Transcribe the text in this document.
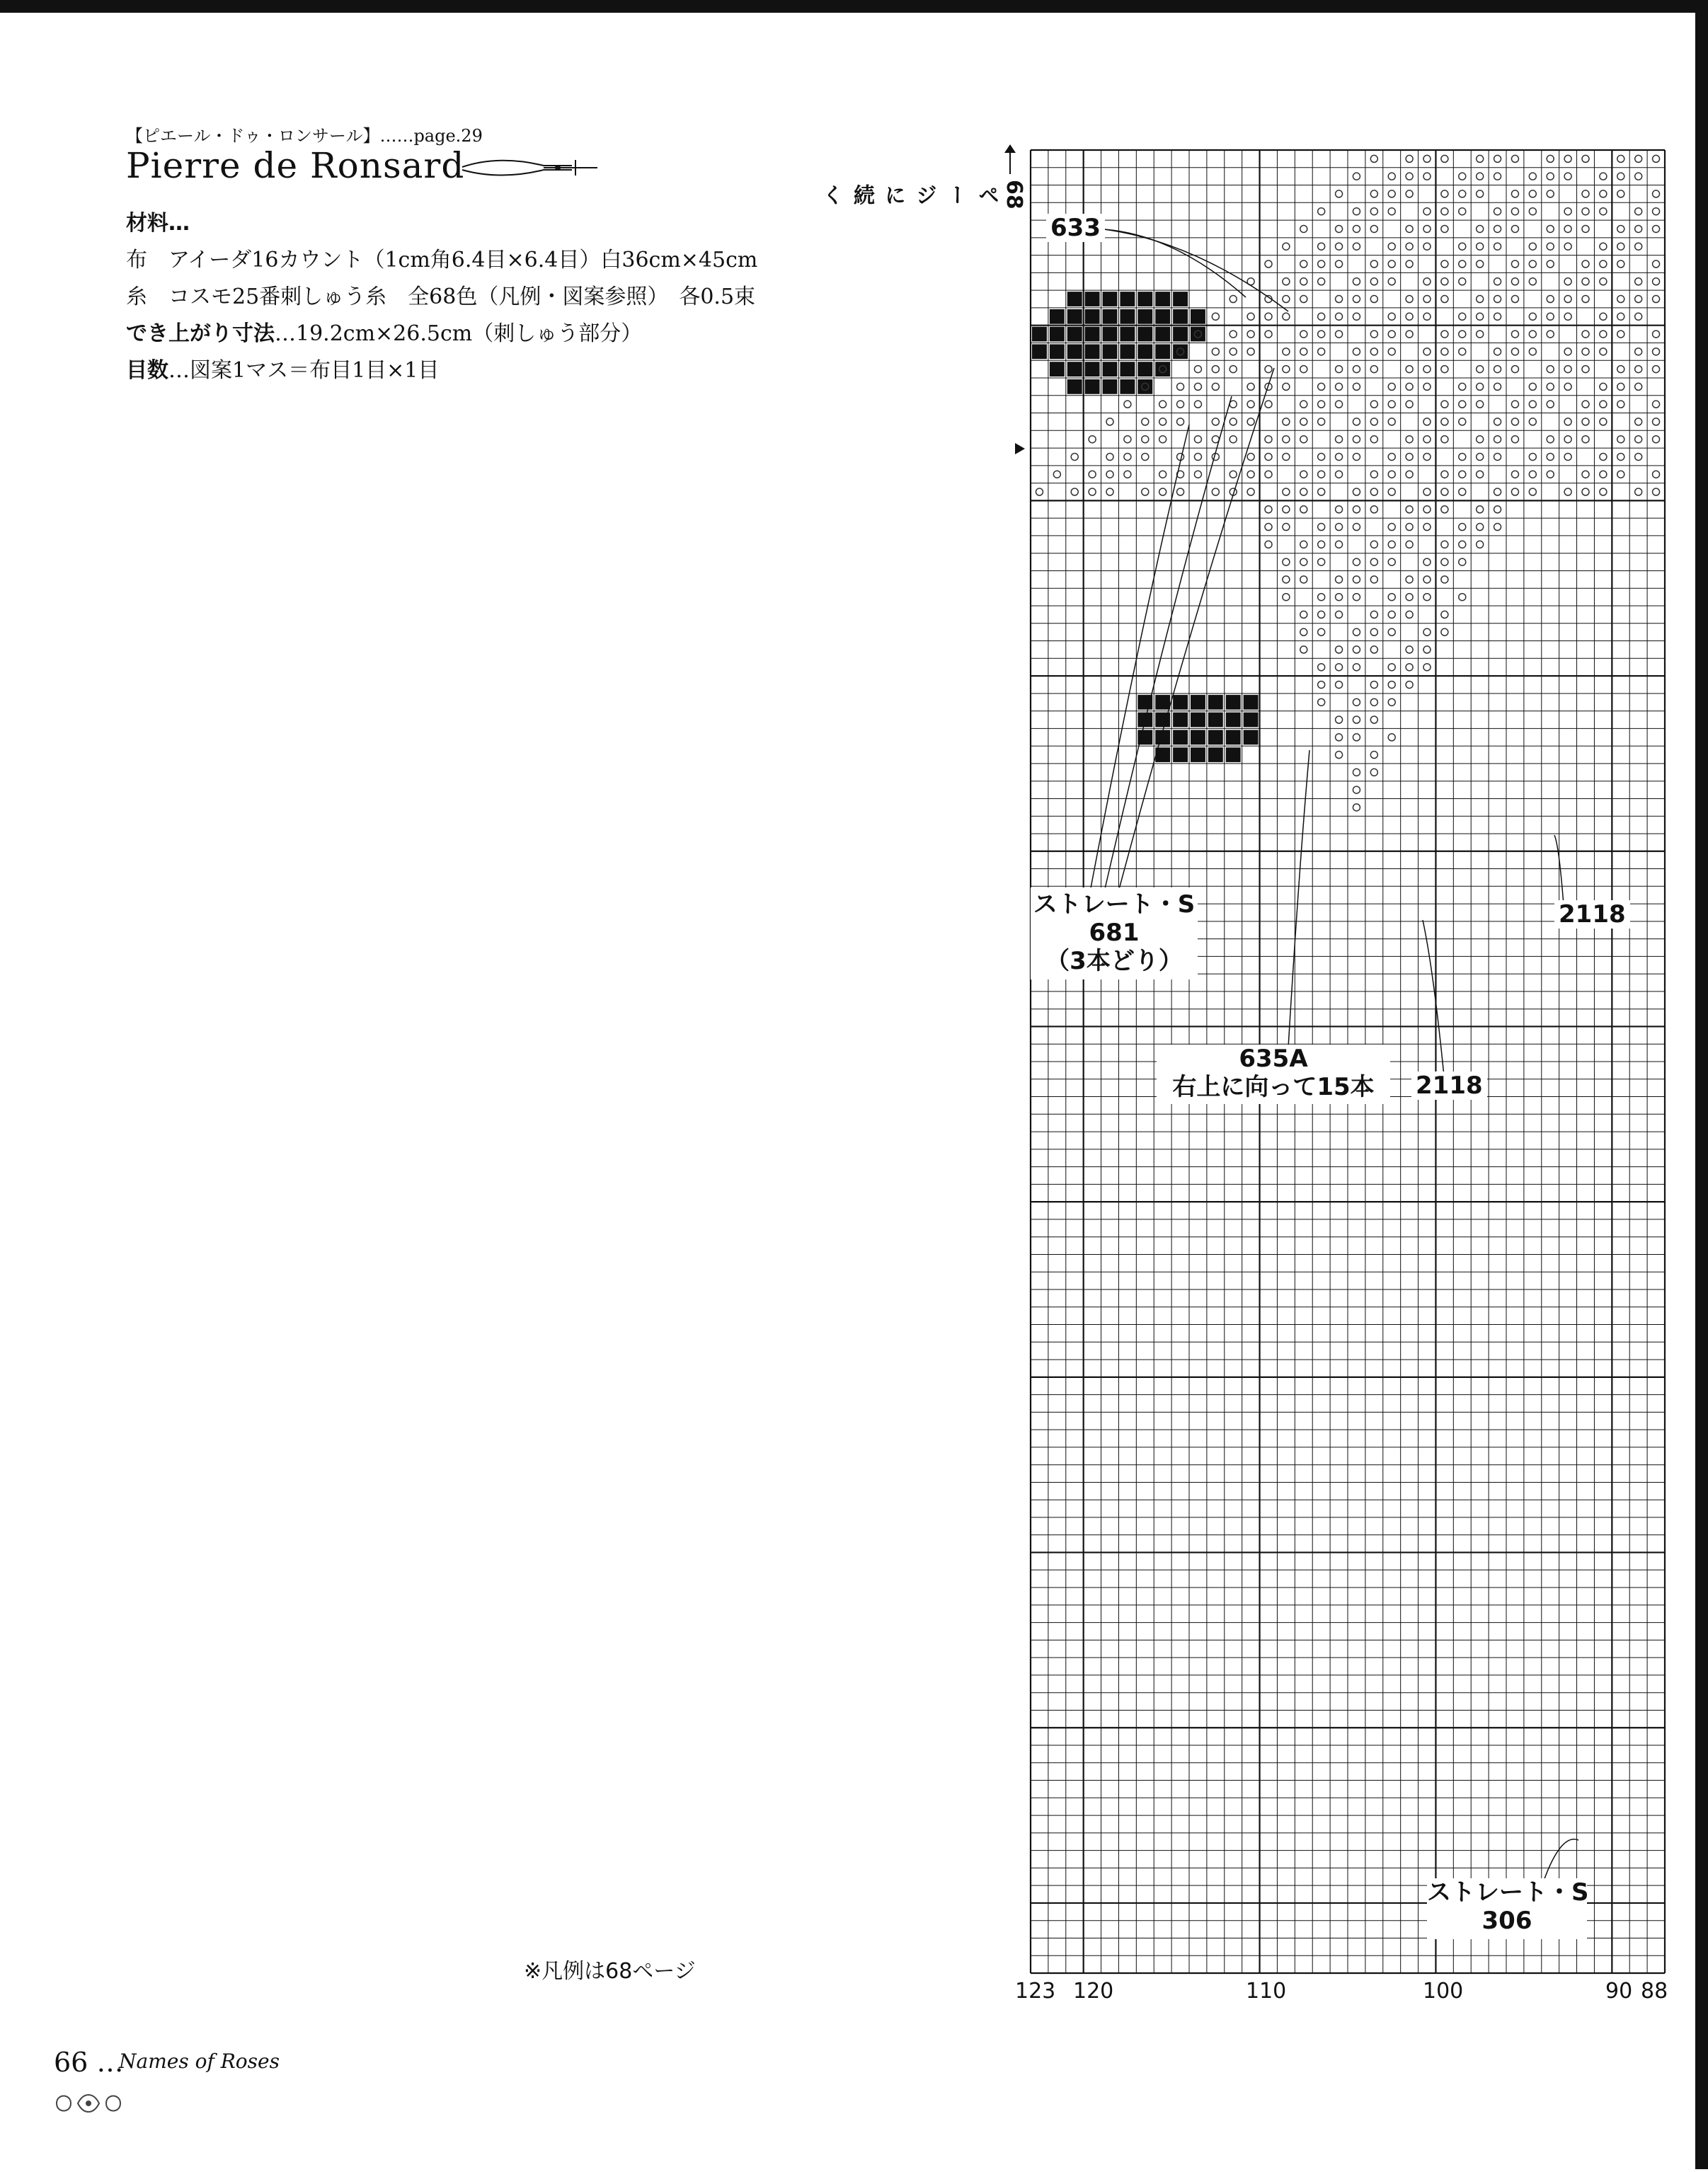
【ピエール・ドゥ・ロンサール】……page.29
Pierre de Ronsard
材料…
布　アイーダ16カウント（1cm角6.4目×6.4目）白36cm×45cm
糸　コスモ25番刺しゅう糸　全68色（凡例・図案参照）　各0.5束
でき上がり寸法…19.2cm×26.5cm（刺しゅう部分）
目数…図案1マス＝布目1目×1目
68ページに続く
633
ストレート・S
681
（3本どり）
2118
635A
右上に向って15本	2118
ストレート・S
306
123 120	110	100	90 88
※凡例は68ページ
66 …
Names of Roses
